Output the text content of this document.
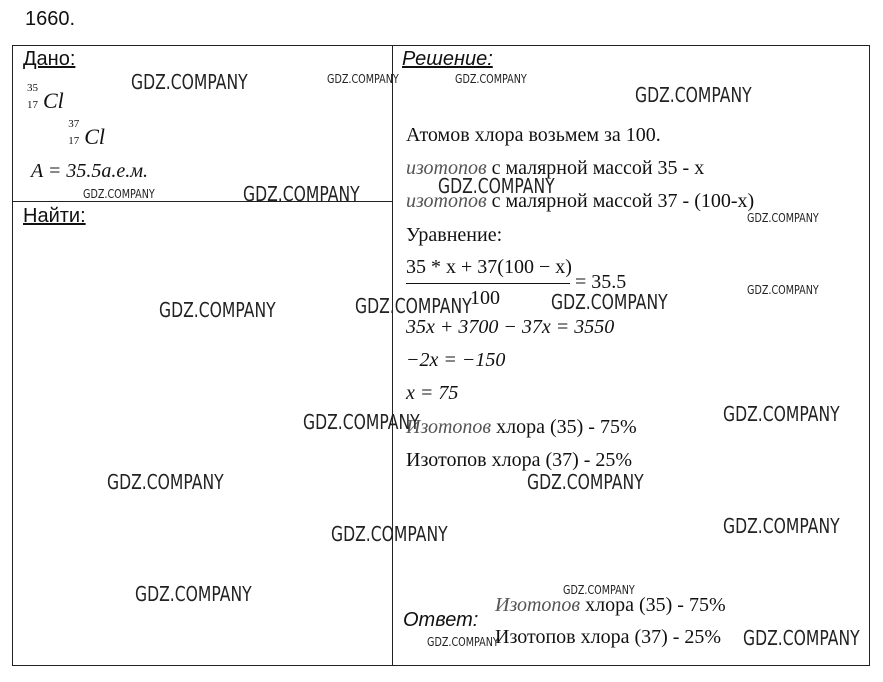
1660.
Дано:
35
17 Cl
37
17 Cl
A = 35.5а.е.м.
Найти:
Решение:
Атомов хлора возьмем за 100.
изотопов с малярной массой 35 - x
изотопов с малярной массой 37 - (100-x)
Уравнение:
35 * x + 37(100 − x)
100
= 35.5
35x + 3700 − 37x = 3550
−2x = −150
x = 75
Изотопов хлора (35) - 75%
Изотопов хлора (37) - 25%
Ответ:
Изотопов хлора (35) - 75%
Изотопов хлора (37) - 25%
GDZ.COMPANY	GDZ.COMPANY	GDZ.COMPANY
GDZ.COMPANY
GDZ.COMPANY
GDZ.COMPANY	GDZ.COMPANY
GDZ.COMPANY
GDZ.COMPANY
GDZ.COMPANY
GDZ.COMPANY	GDZ.COMPANY
GDZ.COMPANY
GDZ.COMPANY
GDZ.COMPANY	GDZ.COMPANY
GDZ.COMPANY
GDZ.COMPANY
GDZ.COMPANY	GDZ.COMPANY
GDZ.COMPANY
GDZ.COMPANY
